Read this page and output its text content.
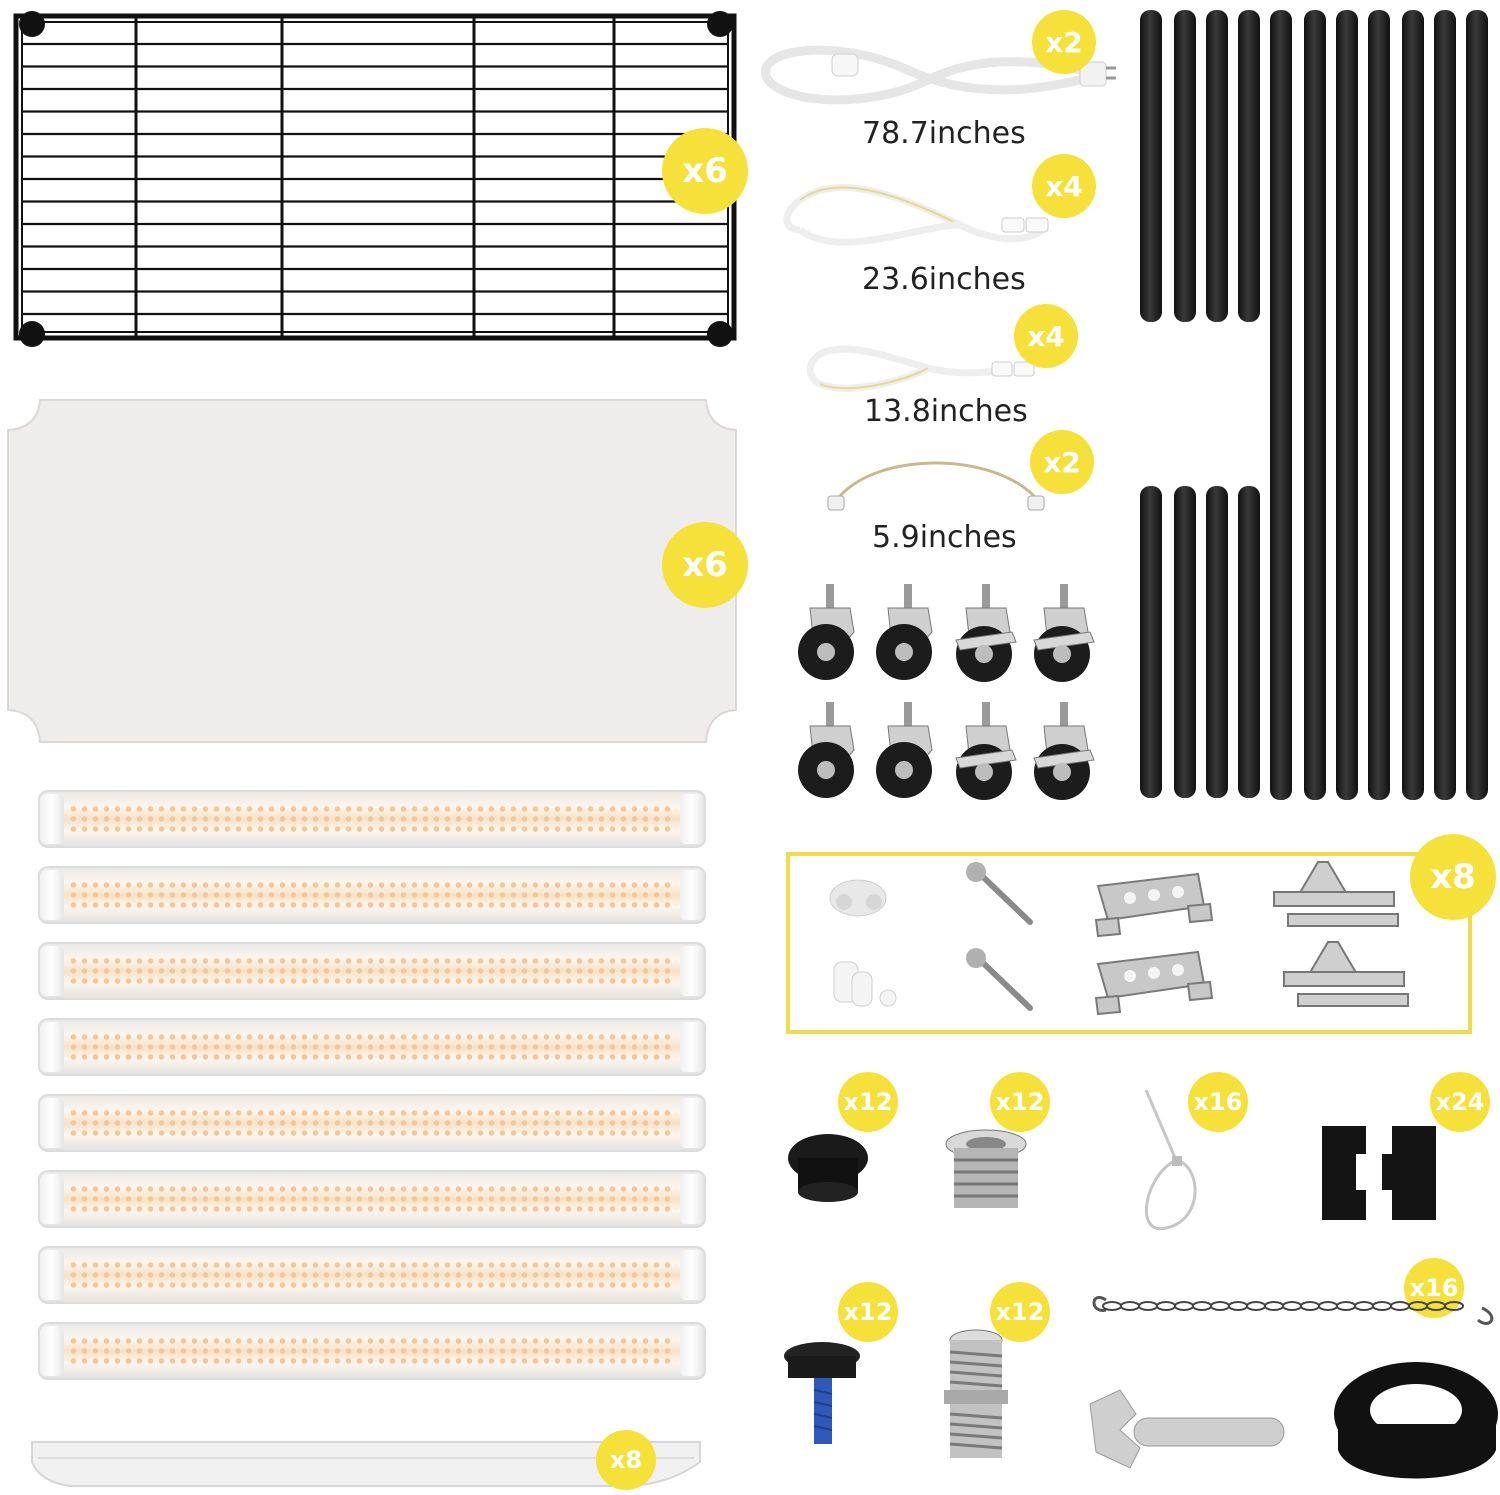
x6
x6
x8
x2
78.7inches
x4
23.6inches
x4
13.8inches
x2
5.9inches
x8
x12	x12	x16	x24
x12	x12
x16
